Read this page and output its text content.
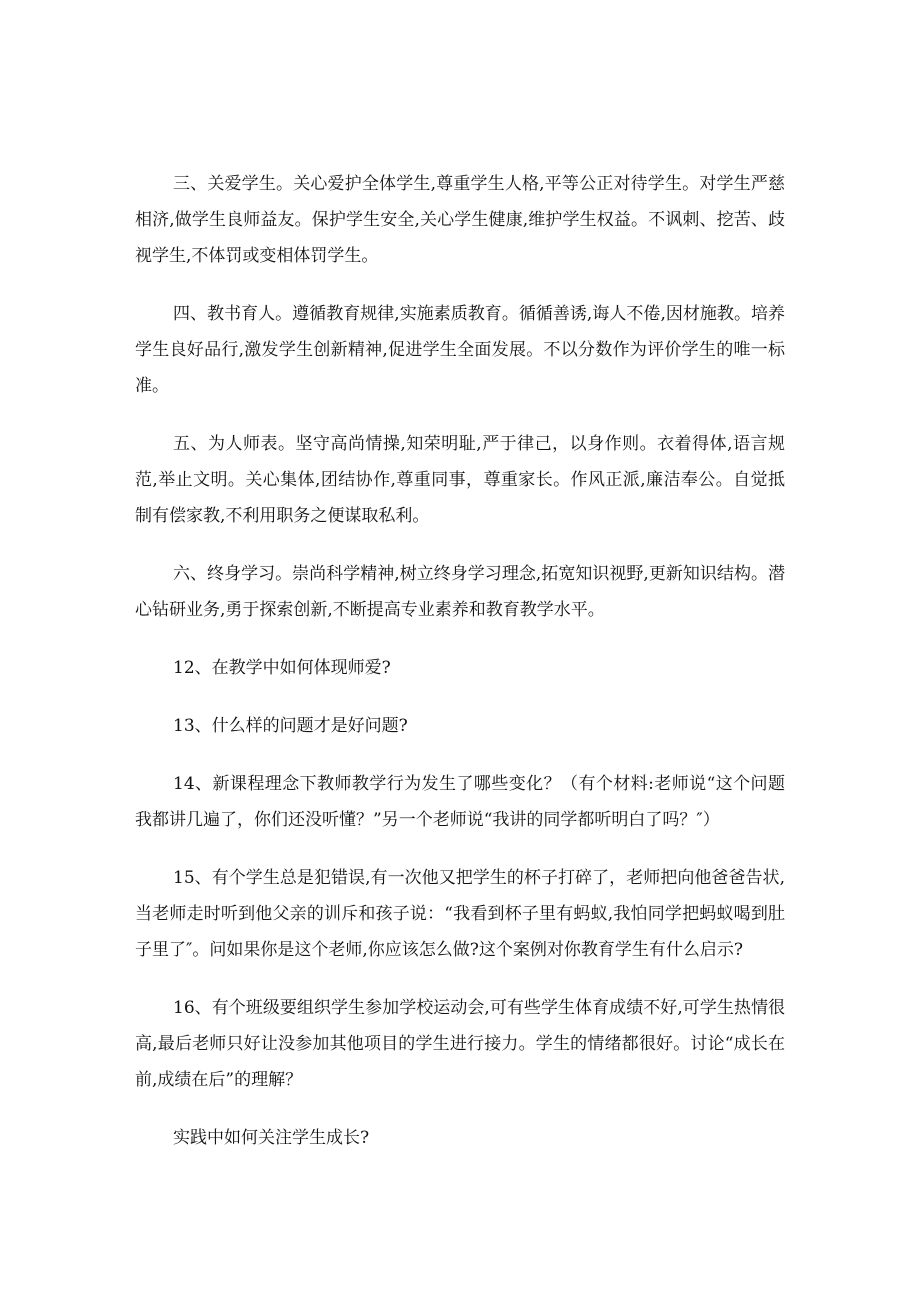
三、关爱学生。关心爱护全体学生,尊重学生人格,平等公正对待学生。对学生严慈相济,做学生良师益友。保护学生安全,关心学生健康,维护学生权益。不讽刺、挖苦、歧视学生,不体罚或变相体罚学生。

四、教书育人。遵循教育规律,实施素质教育。循循善诱,诲人不倦,因材施教。培养学生良好品行,激发学生创新精神,促进学生全面发展。不以分数作为评价学生的唯一标准。

五、为人师表。坚守高尚情操,知荣明耻,严于律己，以身作则。衣着得体,语言规范,举止文明。关心集体,团结协作,尊重同事，尊重家长。作风正派,廉洁奉公。自觉抵制有偿家教,不利用职务之便谋取私利。

六、终身学习。崇尚科学精神,树立终身学习理念,拓宽知识视野,更新知识结构。潜心钻研业务,勇于探索创新,不断提高专业素养和教育教学水平。

12、在教学中如何体现师爱?

13、什么样的问题才是好问题?

14、新课程理念下教师教学行为发生了哪些变化？（有个材料:老师说“这个问题我都讲几遍了，你们还没听懂？”另一个老师说“我讲的同学都听明白了吗？″）

15、有个学生总是犯错误,有一次他又把学生的杯子打碎了，老师把向他爸爸告状,当老师走时听到他父亲的训斥和孩子说：“我看到杯子里有蚂蚁,我怕同学把蚂蚁喝到肚子里了″。问如果你是这个老师,你应该怎么做?这个案例对你教育学生有什么启示?

16、有个班级要组织学生参加学校运动会,可有些学生体育成绩不好,可学生热情很高,最后老师只好让没参加其他项目的学生进行接力。学生的情绪都很好。讨论“成长在前,成绩在后”的理解？

实践中如何关注学生成长?
